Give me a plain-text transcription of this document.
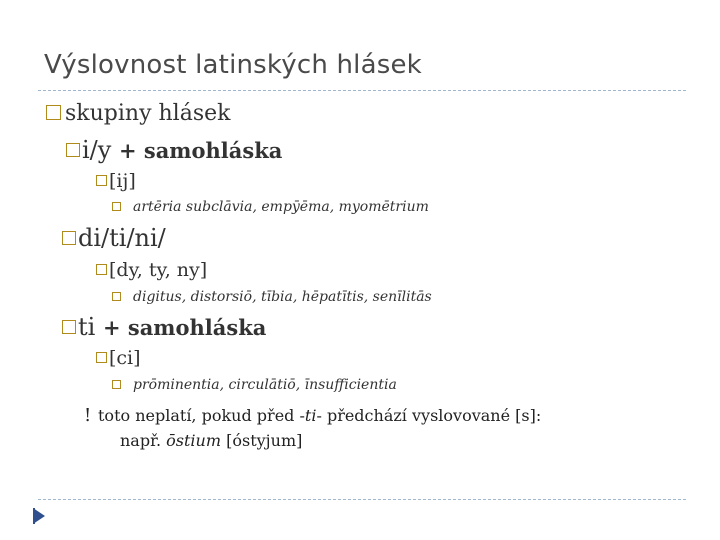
Výslovnost latinských hlásek
skupiny hlásek
i/y + samohláska
[ij]
artēria subclāvia, empȳēma, myomētrium
di/ti/ni/
[dy, ty, ny]
digitus, distorsiō, tībia, hēpatītis, senīlitās
ti + samohláska
[ci]
prōminentia, circulātiō, īnsufficientia
! toto neplatí, pokud před -ti- předchází vyslovované [s]:
např. ōstium [óstyjum]
